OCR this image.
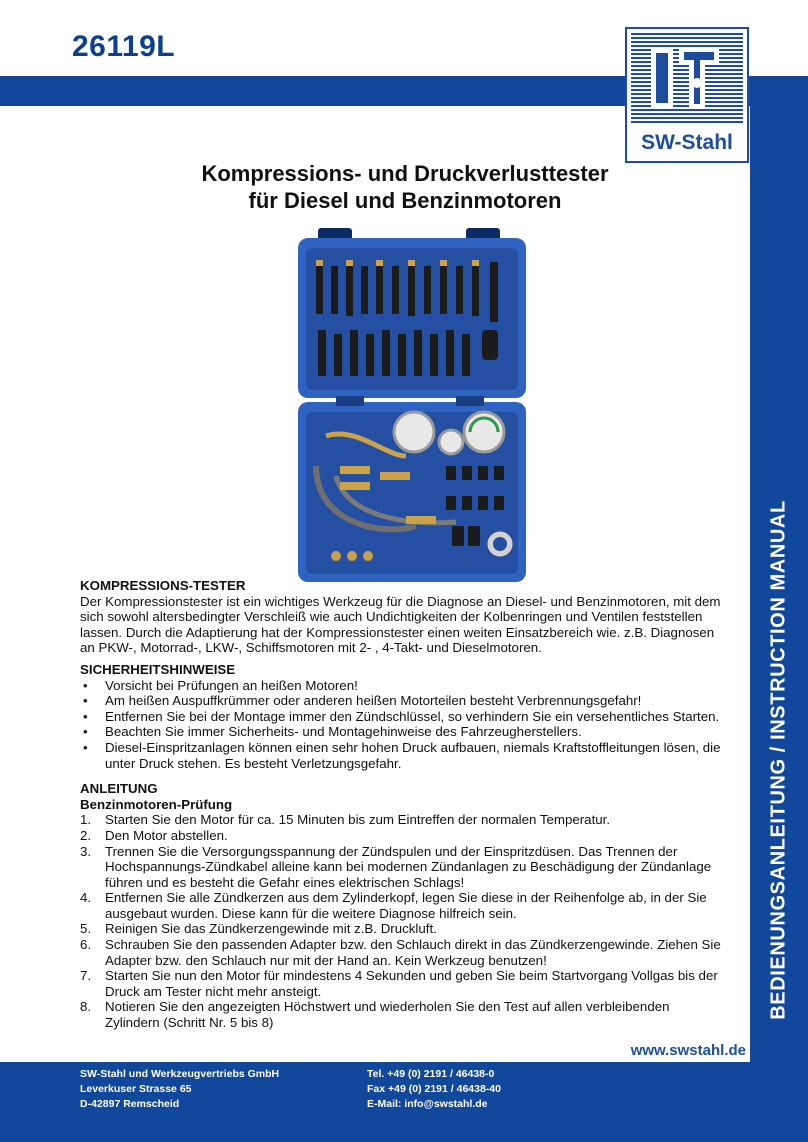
26119L
SW-Stahl
BEDIENUNGSANLEITUNG / INSTRUCTION MANUAL
Kompressions- und Druckverlusttester
für Diesel und Benzinmotoren
KOMPRESSIONS-TESTER

Der Kompressionstester ist ein wichtiges Werkzeug für die Diagnose an Diesel- und Benzinmotoren, mit dem sich sowohl altersbedingter Verschleiß wie auch Undichtigkeiten der Kolbenringen und Ventilen feststellen lassen. Durch die Adaptierung hat der Kompressionstester einen weiten Einsatzbereich wie. z.B. Diagnosen an PKW-, Motorrad-, LKW-, Schiffsmotoren mit 2- , 4-Takt- und Dieselmotoren.

SICHERHEITSHINWEISE
• Vorsicht bei Prüfungen an heißen Motoren!
• Am heißen Auspuffkrümmer oder anderen heißen Motorteilen besteht Verbrennungsgefahr!
• Entfernen Sie bei der Montage immer den Zündschlüssel, so verhindern Sie ein versehentliches Starten.
• Beachten Sie immer Sicherheits- und Montagehinweise des Fahrzeugherstellers.
• Diesel-Einspritzanlagen können einen sehr hohen Druck aufbauen, niemals Kraftstoffleitungen lösen, die unter Druck stehen. Es besteht Verletzungsgefahr.
ANLEITUNG
Benzinmotoren-Prüfung
1. Starten Sie den Motor für ca. 15 Minuten bis zum Eintreffen der normalen Temperatur.
2. Den Motor abstellen.
3. Trennen Sie die Versorgungsspannung der Zündspulen und der Einspritzdüsen. Das Trennen der Hochspannungs-Zündkabel alleine kann bei modernen Zündanlagen zu Beschädigung der Zündanlage führen und es besteht die Gefahr eines elektrischen Schlags!
4. Entfernen Sie alle Zündkerzen aus dem Zylinderkopf, legen Sie diese in der Reihenfolge ab, in der Sie ausgebaut wurden. Diese kann für die weitere Diagnose hilfreich sein.
5. Reinigen Sie das Zündkerzengewinde mit z.B. Druckluft.
6. Schrauben Sie den passenden Adapter bzw. den Schlauch direkt in das Zündkerzengewinde. Ziehen Sie Adapter bzw. den Schlauch nur mit der Hand an. Kein Werkzeug benutzen!
7. Starten Sie nun den Motor für mindestens 4 Sekunden und geben Sie beim Startvorgang Vollgas bis der Druck am Tester nicht mehr ansteigt.
8. Notieren Sie den angezeigten Höchstwert und wiederholen Sie den Test auf allen verbleibenden Zylindern (Schritt Nr. 5 bis 8)
www.swstahl.de
SW-Stahl und Werkzeugvertriebs GmbH
Leverkuser Strasse 65
D-42897 Remscheid
Tel. +49 (0) 2191 / 46438-0
Fax +49 (0) 2191 / 46438-40
E-Mail: info@swstahl.de
